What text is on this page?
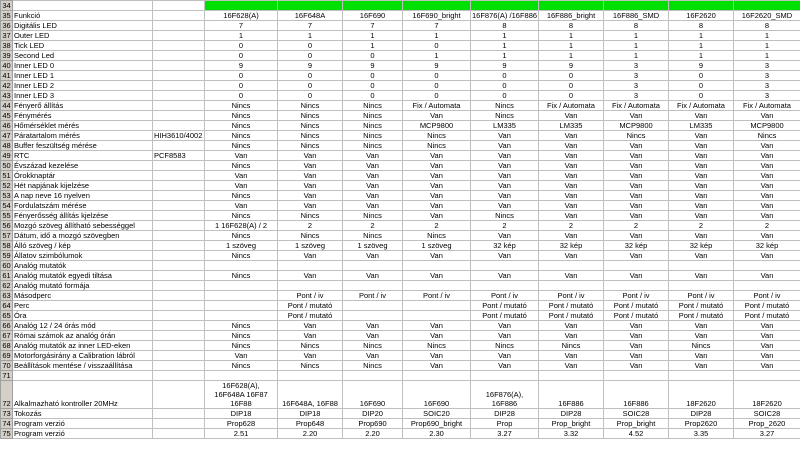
34											
35	Funkció		16F628(A)	16F648A	16F690	16F690_bright	16F876(A) /16F886	16F886_bright	16F886_SMD	16F2620	16F2620_SMD
36	Digitális LED		7	7	7	7	8	8	8	8	8
37	Outer LED		1	1	1	1	1	1	1	1	1
38	Tick LED		0	0	1	0	1	1	1	1	1
39	Second Led		0	0	0	1	1	1	1	1	1
40	Inner LED 0		9	9	9	9	9	9	3	9	3
41	Inner LED 1		0	0	0	0	0	0	3	0	3
42	Inner LED 2		0	0	0	0	0	0	3	0	3
43	Inner LED 3		0	0	0	0	0	0	3	0	3
44	Fényerő állítás		Nincs	Nincs	Nincs	Fix / Automata	Nincs	Fix / Automata	Fix / Automata	Fix / Automata	Fix / Automata
45	Fénymérés		Nincs	Nincs	Nincs	Van	Nincs	Van	Van	Van	Van
46	Hőmérséklet mérés		Nincs	Nincs	Nincs	MCP9800	LM335	LM335	MCP9800	LM335	MCP9800
47	Páratartalom mérés	HIH3610/4002	Nincs	Nincs	Nincs	Nincs	Van	Van	Nincs	Van	Nincs
48	Buffer feszültség mérése		Nincs	Nincs	Nincs	Nincs	Van	Van	Van	Van	Van
49	RTC	PCF8583	Van	Van	Van	Van	Van	Van	Van	Van	Van
50	Évszázad kezelése		Nincs	Van	Van	Van	Van	Van	Van	Van	Van
51	Órokknaptár		Van	Van	Van	Van	Van	Van	Van	Van	Van
52	Hét napjának kijelzése		Van	Van	Van	Van	Van	Van	Van	Van	Van
53	A nap neve 16 nyelven		Nincs	Van	Van	Van	Van	Van	Van	Van	Van
54	Fordulatszám mérése		Van	Van	Van	Van	Van	Van	Van	Van	Van
55	Fényerősség állítás kjelzése		Nincs	Nincs	Nincs	Van	Nincs	Van	Van	Van	Van
56	Mozgó szöveg állítható sebességgel		1 16F628(A) / 2	2	2	2	2	2	2	2	2
57	Dátum, idő a mozgó szövegben		Nincs	Nincs	Nincs	Nincs	Van	Van	Van	Van	Van
58	Álló szöveg / kép		1 szöveg	1 szöveg	1 szöveg	1 szöveg	32 kép	32 kép	32 kép	32 kép	32 kép
59	Állatov szimbólumok		Nincs	Van	Van	Van	Van	Van	Van	Van	Van
60	Analóg mutatók										
61	Analóg mutatók egyedi tiltása		Nincs	Van	Van	Van	Van	Van	Van	Van	Van
62	Analóg mutató formája										
63	Másodperc			Pont / iv	Pont / iv	Pont / iv	Pont / iv	Pont / iv	Pont / iv	Pont / iv	Pont / iv
64	Perc			Pont / mutató			Pont / mutató	Pont / mutató	Pont / mutató	Pont / mutató	Pont / mutató
65	Óra			Pont / mutató			Pont / mutató	Pont / mutató	Pont / mutató	Pont / mutató	Pont / mutató
66	Analóg 12 / 24 órás mód		Nincs	Van	Van	Van	Van	Van	Van	Van	Van
67	Római számok az analóg órán		Nincs	Van	Van	Van	Van	Van	Van	Van	Van
68	Analóg mutatók az inner LED-eken		Nincs	Nincs	Nincs	Nincs	Nincs	Nincs	Van	Nincs	Van
69	Motorforgásirány a Calibration lábról		Van	Van	Van	Van	Van	Van	Van	Van	Van
70	Beállítások mentése / visszaállítása		Nincs	Nincs	Nincs	Van	Van	Van	Van	Van	Van
71											
72	Alkalmazható kontroller 20MHz		16F628(A), 16F648A 16F87 16F88	16F648A, 16F88	16F690	16F690	16F876(A), 16F886	16F886	16F886	18F2620	18F2620
73	Tokozás		DIP18	DIP18	DIP20	SOIC20	DIP28	DIP28	SOIC28	DIP28	SOIC28
74	Program verzió		Prop628	Prop648	Prop690	Prop690_bright	Prop	Prop_bright	Prop_bright	Prop2620	Prop_2620
75	Program verzió		2.51	2.20	2.20	2.30	3.27	3.32	4.52	3.35	3.27
